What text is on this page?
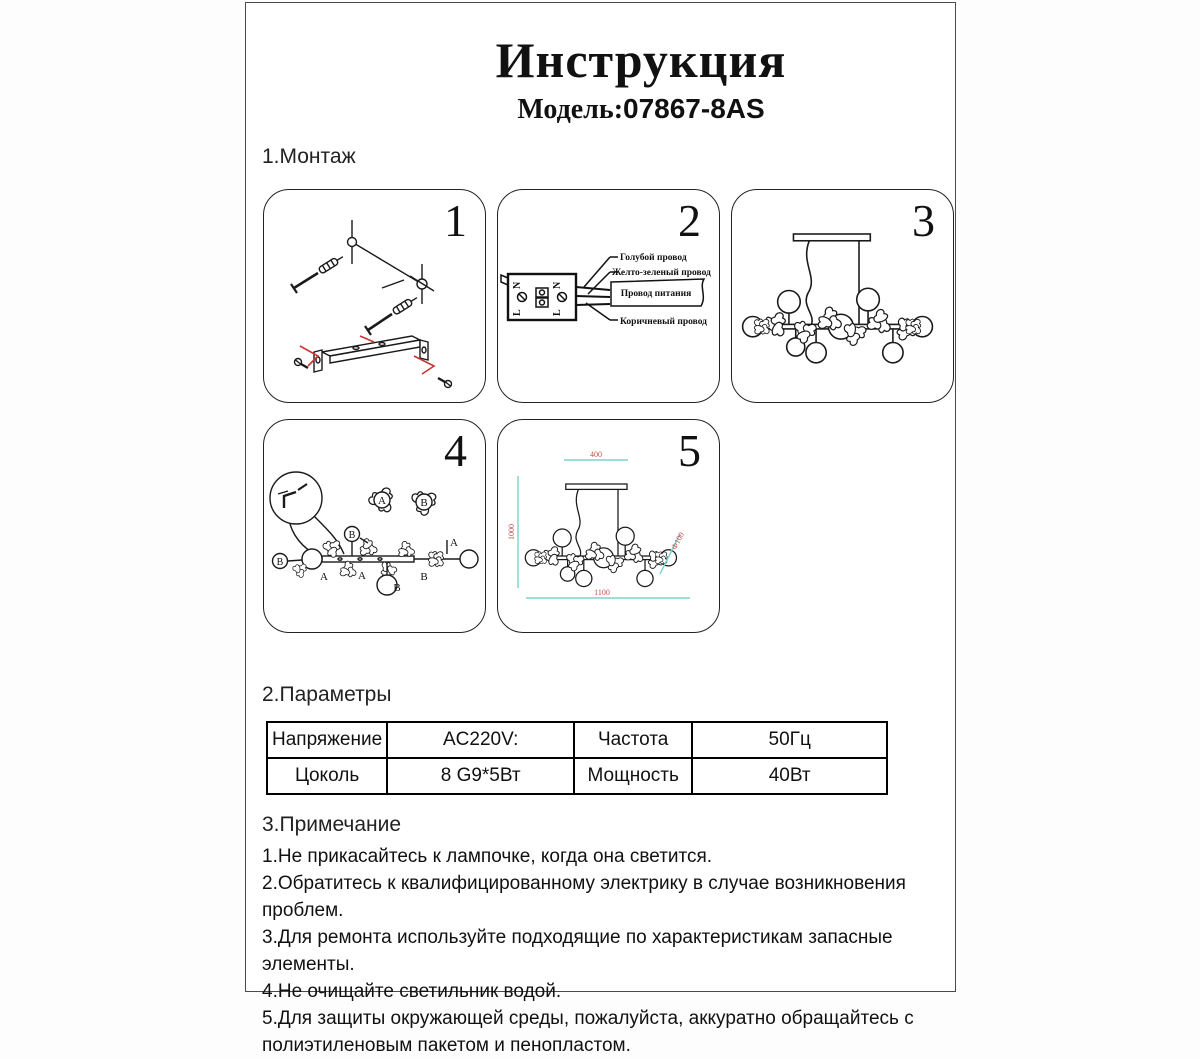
Инструкция
Модель:07867-8AS
1.Монтаж
1	2
N
L
N
L
Голубой провод
Желто-зеленый провод
Провод питания
Коричневый провод
3
4
A	B
B
B
A	A
B
B
A
5
400
1000
1100
Ф100
2.Параметры
Напряжение	AC220V:	Частота	50Гц
Цоколь	8 G9*5Вт	Мощность	40Вт
3.Примечание
1.Не прикасайтесь к лампочке, когда она светится.
2.Обратитесь к квалифицированному электрику в случае возникновения проблем.
3.Для ремонта используйте подходящие по характеристикам запасные элементы.
4.Не очищайте светильник водой.
5.Для защиты окружающей среды, пожалуйста, аккуратно обращайтесь с полиэтиленовым пакетом и пенопластом.
